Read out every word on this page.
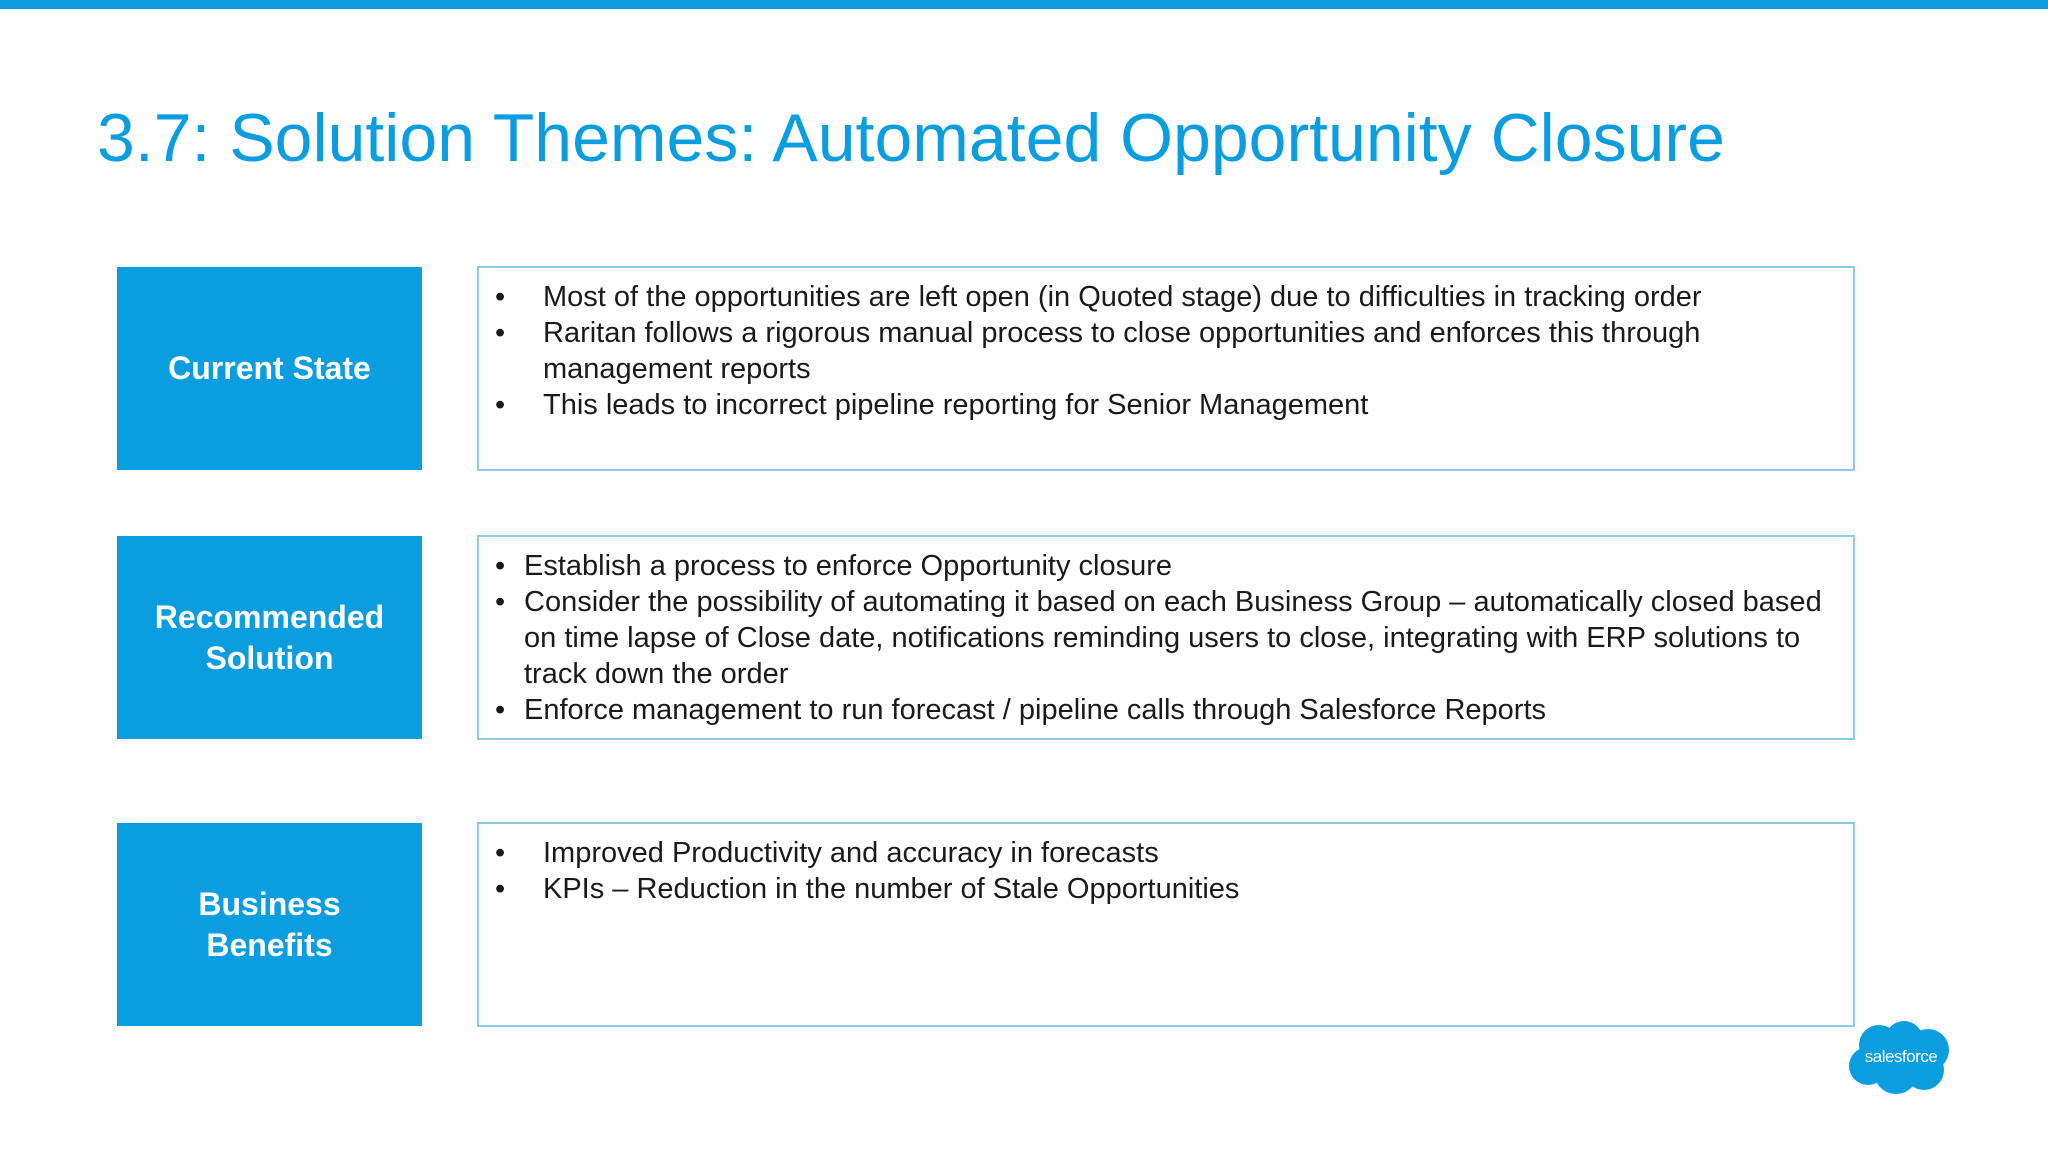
3.7: Solution Themes: Automated Opportunity Closure
Current State
• Most of the opportunities are left open (in Quoted stage) due to difficulties in tracking order
• Raritan follows a rigorous manual process to close opportunities and enforces this through management reports
• This leads to incorrect pipeline reporting for Senior Management
Recommended Solution
• Establish a process to enforce Opportunity closure
• Consider the possibility of automating it based on each Business Group – automatically closed based on time lapse of Close date, notifications reminding users to close, integrating with ERP solutions to track down the order
• Enforce management to run forecast / pipeline calls through Salesforce Reports
Business Benefits
• Improved Productivity and accuracy in forecasts
• KPIs – Reduction in the number of Stale Opportunities
salesforce
